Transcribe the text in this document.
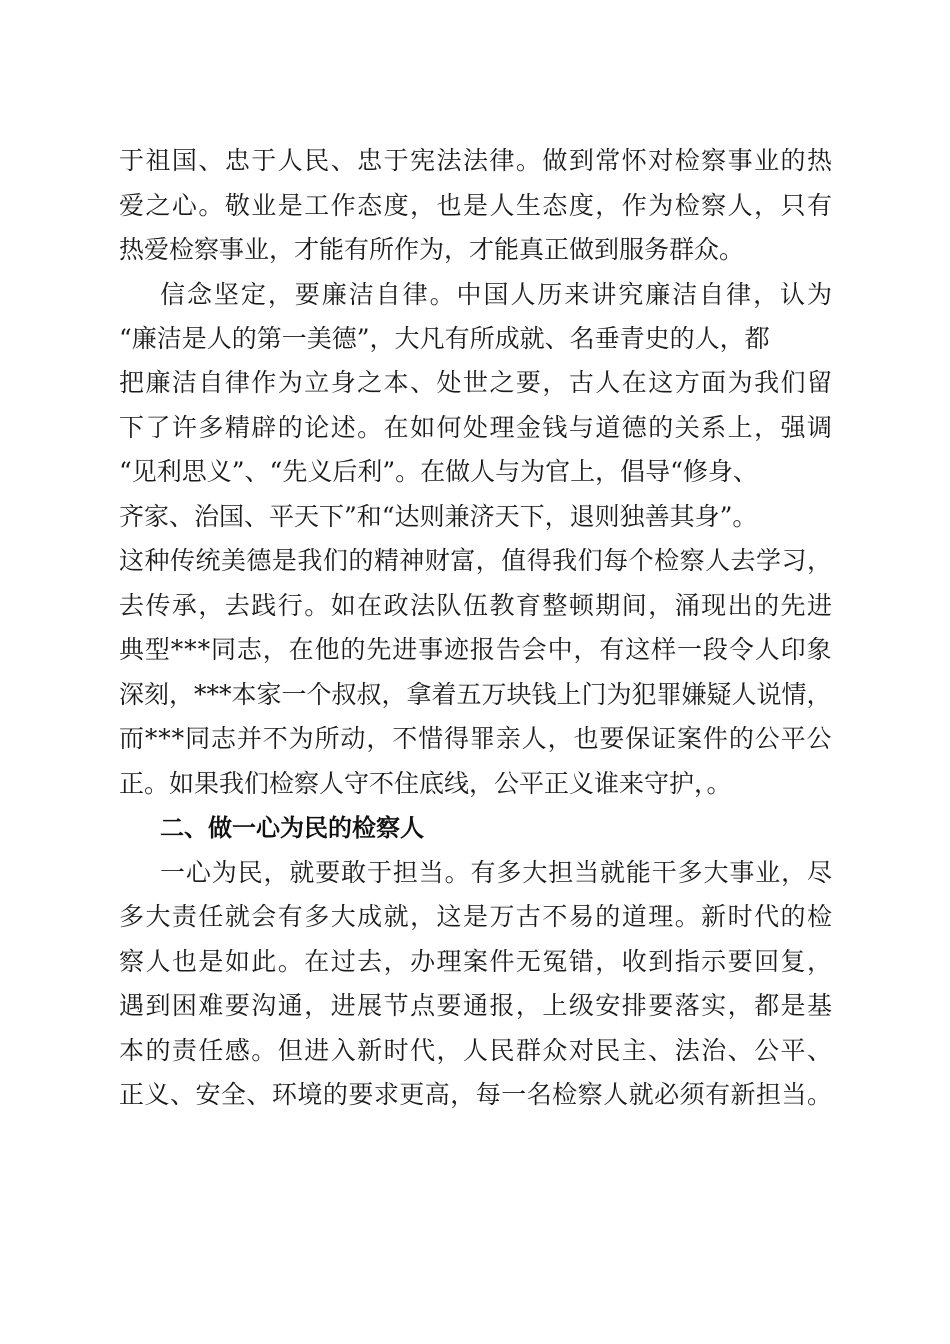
于祖国、忠于人民、忠于宪法法律。做到常怀对检察事业的热
爱之心。敬业是工作态度，也是人生态度，作为检察人，只有
热爱检察事业，才能有所作为，才能真正做到服务群众。
信念坚定，要廉洁自律。中国人历来讲究廉洁自律，认为
“廉洁是人的第一美德”，大凡有所成就、名垂青史的人，都
把廉洁自律作为立身之本、处世之要，古人在这方面为我们留
下了许多精辟的论述。在如何处理金钱与道德的关系上，强调
“见利思义”、“先义后利”。在做人与为官上，倡导“修身、
齐家、治国、平天下”和“达则兼济天下，退则独善其身”。
这种传统美德是我们的精神财富，值得我们每个检察人去学习，
去传承，去践行。如在政法队伍教育整顿期间，涌现出的先进
典型***同志，在他的先进事迹报告会中，有这样一段令人印象
深刻，***本家一个叔叔，拿着五万块钱上门为犯罪嫌疑人说情，
而***同志并不为所动，不惜得罪亲人，也要保证案件的公平公
正。如果我们检察人守不住底线，公平正义谁来守护，。
二、做一心为民的检察人
一心为民，就要敢于担当。有多大担当就能干多大事业，尽
多大责任就会有多大成就，这是万古不易的道理。新时代的检
察人也是如此。在过去，办理案件无冤错，收到指示要回复，
遇到困难要沟通，进展节点要通报，上级安排要落实，都是基
本的责任感。但进入新时代，人民群众对民主、法治、公平、
正义、安全、环境的要求更高，每一名检察人就必须有新担当。
